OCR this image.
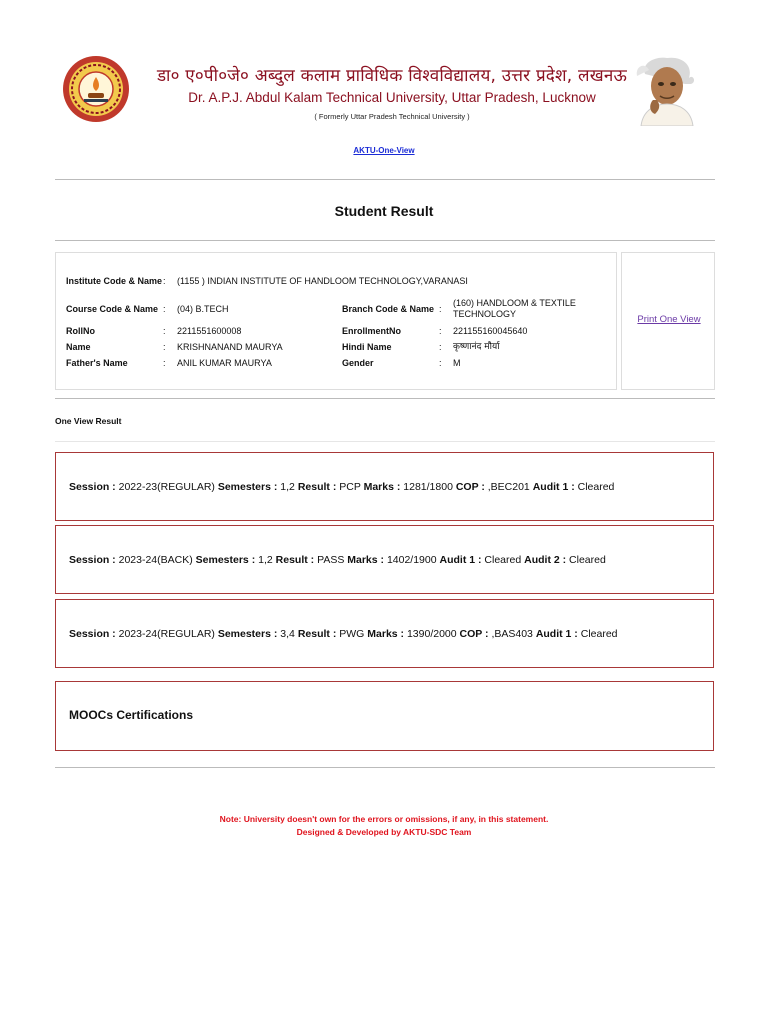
डा० ए०पी०जे० अब्दुल कलाम प्राविधिक विश्वविद्यालय, उत्तर प्रदेश, लखनऊ
Dr. A.P.J. Abdul Kalam Technical University, Uttar Pradesh, Lucknow
( Formerly Uttar Pradesh Technical University )
AKTU-One-View
Student Result
Institute Code & Name	:	(1155 ) INDIAN INSTITUTE OF HANDLOOM TECHNOLOGY,VARANASI			
Course Code & Name	:	(04) B.TECH	Branch Code & Name	:	(160) HANDLOOM & TEXTILE TECHNOLOGY
RollNo	:	2211551600008	EnrollmentNo	:	221155160045640
Name	:	KRISHNANAND MAURYA	Hindi Name	:	कृष्णानंद मौर्या
Father's Name	:	ANIL KUMAR MAURYA	Gender	:	M
Print One View
One View Result
Session : 2022-23(REGULAR) Semesters : 1,2 Result : PCP Marks : 1281/1800 COP : ,BEC201 Audit 1 : Cleared
Session : 2023-24(BACK) Semesters : 1,2 Result : PASS Marks : 1402/1900 Audit 1 : Cleared Audit 2 : Cleared
Session : 2023-24(REGULAR) Semesters : 3,4 Result : PWG Marks : 1390/2000 COP : ,BAS403 Audit 1 : Cleared
MOOCs Certifications
Note: University doesn't own for the errors or omissions, if any, in this statement.
Designed & Developed by AKTU-SDC Team
